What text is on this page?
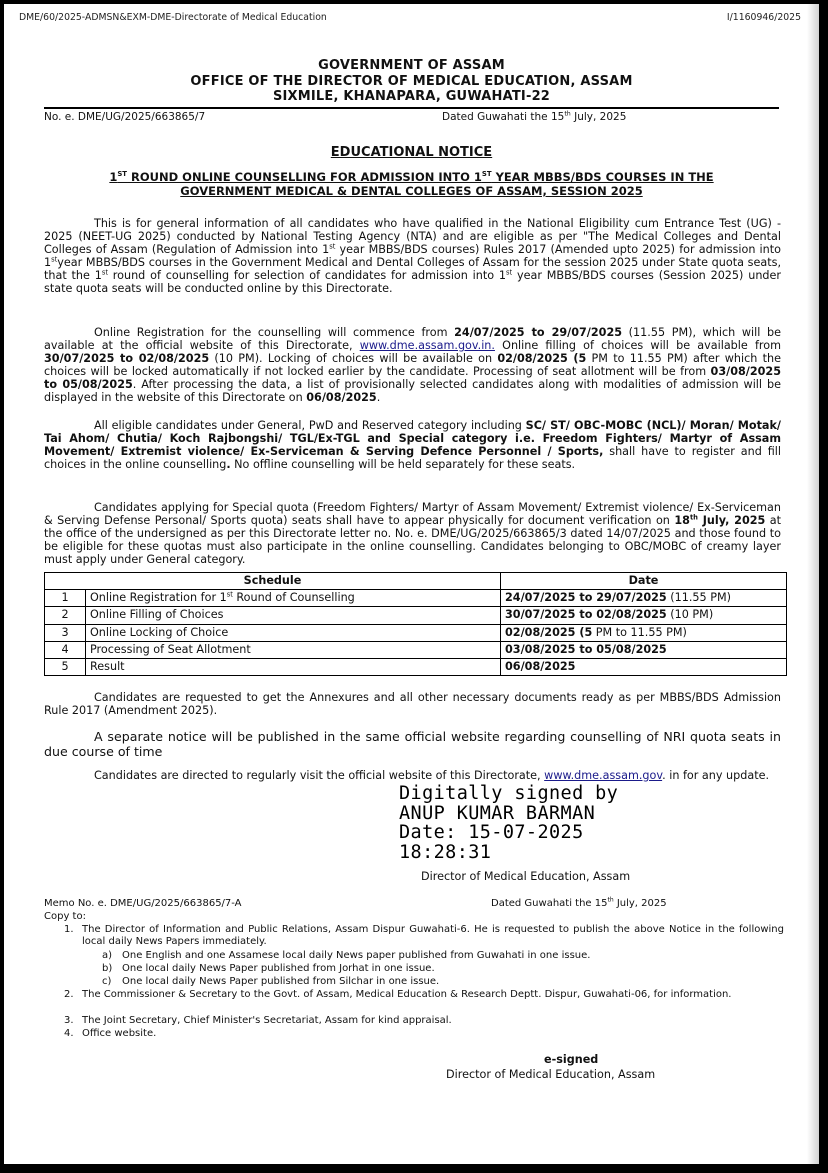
DME/60/2025-ADMSN&EXM-DME-Directorate of Medical Education	I/1160946/2025
GOVERNMENT OF ASSAM
OFFICE OF THE DIRECTOR OF MEDICAL EDUCATION, ASSAM
SIXMILE, KHANAPARA, GUWAHATI-22
No. e. DME/UG/2025/663865/7	Dated Guwahati the 15th July, 2025
EDUCATIONAL NOTICE
1ST ROUND ONLINE COUNSELLING FOR ADMISSION INTO 1ST YEAR MBBS/BDS COURSES IN THE
GOVERNMENT MEDICAL & DENTAL COLLEGES OF ASSAM, SESSION 2025
This is for general information of all candidates who have qualified in the National Eligibility cum Entrance Test (UG) - 2025 (NEET-UG 2025) conducted by National Testing Agency (NTA) and are eligible as per "The Medical Colleges and Dental Colleges of Assam (Regulation of Admission into 1st year MBBS/BDS courses) Rules 2017 (Amended upto 2025) for admission into 1styear MBBS/BDS courses in the Government Medical and Dental Colleges of Assam for the session 2025 under State quota seats, that the 1st round of counselling for selection of candidates for admission into 1st year MBBS/BDS courses (Session 2025) under state quota seats will be conducted online by this Directorate.
Online Registration for the counselling will commence from 24/07/2025 to 29/07/2025 (11.55 PM), which will be available at the official website of this Directorate, www.dme.assam.gov.in. Online filling of choices will be available from 30/07/2025 to 02/08/2025 (10 PM). Locking of choices will be available on 02/08/2025 (5 PM to 11.55 PM) after which the choices will be locked automatically if not locked earlier by the candidate. Processing of seat allotment will be from 03/08/2025 to 05/08/2025. After processing the data, a list of provisionally selected candidates along with modalities of admission will be displayed in the website of this Directorate on 06/08/2025.
All eligible candidates under General, PwD and Reserved category including SC/ ST/ OBC-MOBC (NCL)/ Moran/ Motak/ Tai Ahom/ Chutia/ Koch Rajbongshi/ TGL/Ex-TGL and Special category i.e. Freedom Fighters/ Martyr of Assam Movement/ Extremist violence/ Ex-Serviceman & Serving Defence Personnel / Sports, shall have to register and fill choices in the online counselling. No offline counselling will be held separately for these seats.
Candidates applying for Special quota (Freedom Fighters/ Martyr of Assam Movement/ Extremist violence/ Ex-Serviceman & Serving Defense Personal/ Sports quota) seats shall have to appear physically for document verification on 18th July, 2025 at the office of the undersigned as per this Directorate letter no. No. e. DME/UG/2025/663865/3 dated 14/07/2025 and those found to be eligible for these quotas must also participate in the online counselling. Candidates belonging to OBC/MOBC of creamy layer must apply under General category.
Schedule		Date
1	Online Registration for 1st Round of Counselling	24/07/2025 to 29/07/2025 (11.55 PM)
2	Online Filling of Choices	30/07/2025 to 02/08/2025 (10 PM)
3	Online Locking of Choice	02/08/2025 (5 PM to 11.55 PM)
4	Processing of Seat Allotment	03/08/2025 to 05/08/2025
5	Result	06/08/2025
Candidates are requested to get the Annexures and all other necessary documents ready as per MBBS/BDS Admission Rule 2017 (Amendment 2025).
A separate notice will be published in the same official website regarding counselling of NRI quota seats in due course of time
Candidates are directed to regularly visit the official website of this Directorate, www.dme.assam.gov. in for any update.
Digitally signed by
ANUP KUMAR BARMAN
Date: 15-07-2025
18:28:31
Director of Medical Education, Assam
Memo No. e. DME/UG/2025/663865/7-A	Dated Guwahati the 15th July, 2025
Copy to:
1. The Director of Information and Public Relations, Assam Dispur Guwahati-6. He is requested to publish the above Notice in the following local daily News Papers immediately.
a) One English and one Assamese local daily News paper published from Guwahati in one issue.
b) One local daily News Paper published from Jorhat in one issue.
c) One local daily News Paper published from Silchar in one issue.
2. The Commissioner & Secretary to the Govt. of Assam, Medical Education & Research Deptt. Dispur, Guwahati-06, for information.
3. The Joint Secretary, Chief Minister's Secretariat, Assam for kind appraisal.
4. Office website.
e-signed
Director of Medical Education, Assam
